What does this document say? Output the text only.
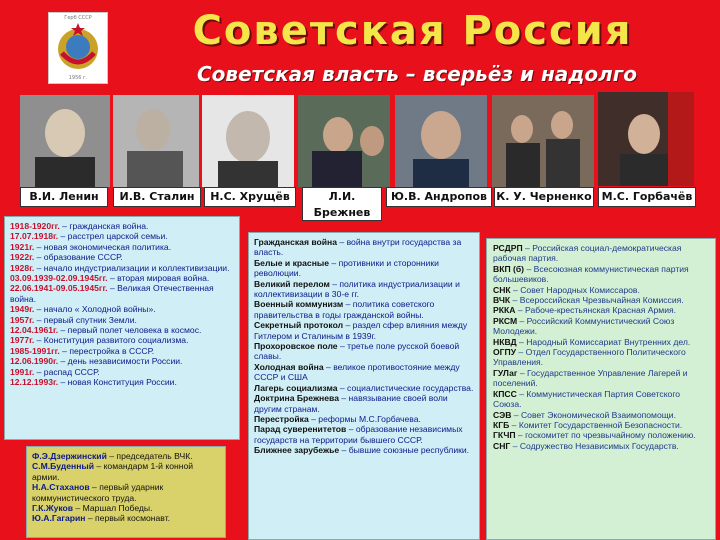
Герб СССР
1956 г.
Советская Россия
Советская власть – всерьёз и надолго
В.И. Ленин	И.В. Сталин	Н.С. Хрущёв	Л.И. Брежнев
Ю.В. Андропов К. У. Черненко М.С. Горбачёв
1918-1920гг. – гражданская война.
17.07.1918г. – расстрел царской семьи.
1921г. – новая экономическая политика.
1922г. – образование СССР.
1928г. – начало индустриализации и коллективизации.
03.09.1939-02.09.1945гг. – вторая мировая война.
22.06.1941-09.05.1945гг. – Великая Отечественная война.
1949г. – начало « Холодной войны».
1957г. – первый спутник Земли.
12.04.1961г. – первый полет человека в космос.
1977г. – Конституция развитого социализма.
1985-1991гг. – перестройка в СССР.
12.06.1990г. – день независимости России.
1991г. – распад СССР.
12.12.1993г. – новая Конституция России.
Гражданская война – война внутри государства за власть.
Белые и красные – противники и сторонники революции.
Великий перелом – политика индустриализации и коллективизации в 30-е гг.
Военный коммунизм – политика советского правительства в годы гражданской войны.
Секретный протокол – раздел сфер влияния между Гитлером и Сталиным в 1939г.
Прохоровское поле – третье поле русской боевой славы.
Холодная война – великое противостояние между СССР и США
Лагерь социализма – социалистические государства.
Доктрина Брежнева – навязывание своей воли другим странам.
Перестройка – реформы М.С.Горбачева.
Парад суверенитетов – образование независимых государств на территории бывшего СССР.
Ближнее зарубежье – бывшие союзные республики.
РСДРП – Российская социал-демократическая рабочая партия.
ВКП (б) – Всесоюзная коммунистическая партия большевиков.
СНК – Совет Народных Комиссаров.
ВЧК – Всероссийская Чрезвычайная Комиссия.
РККА – Рабоче-крестьянская Красная Армия.
РКСМ – Российский Коммунистический Союз Молодежи.
НКВД – Народный Комиссариат Внутренних дел.
ОГПУ – Отдел Государственного Политического Управления.
ГУЛаг – Государственное Управление Лагерей и поселений.
КПСС – Коммунистическая Партия Советского Союза.
СЭВ – Совет Экономической Взаимопомощи.
КГБ – Комитет Государственной Безопасности.
ГКЧП – госкомитет по чрезвычайному положению.
СНГ – Содружество Независимых Государств.
Ф.Э.Дзержинский – председатель ВЧК.
С.М.Буденный – командарм 1-й конной армии.
Н.А.Стаханов – первый ударник коммунистического труда.
Г.К.Жуков – Маршал Победы.
Ю.А.Гагарин – первый космонавт.
